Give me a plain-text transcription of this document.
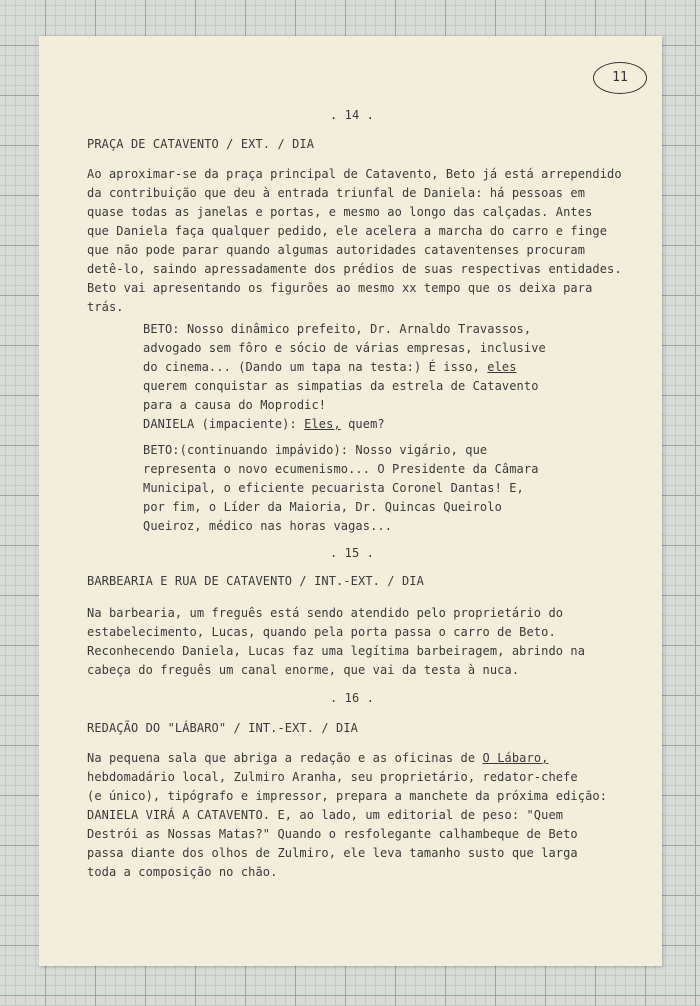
11
. 14 .
PRAÇA DE CATAVENTO / EXT. / DIA
Ao aproximar-se da praça principal de Catavento, Beto já está arrependido
da contribuição que deu à entrada triunfal de Daniela: há pessoas em
quase todas as janelas e portas, e mesmo ao longo das calçadas. Antes
que Daniela faça qualquer pedido, ele acelera a marcha do carro e finge
que não pode parar quando algumas autoridades cataventenses procuram
detê-lo, saindo apressadamente dos prédios de suas respectivas entidades.
Beto vai apresentando os figurões ao mesmo xx tempo que os deixa para
trás.
BETO: Nosso dinâmico prefeito, Dr. Arnaldo Travassos,
advogado sem fôro e sócio de várias empresas, inclusive
do cinema... (Dando um tapa na testa:) É isso, eles
querem conquistar as simpatias da estrela de Catavento
para a causa do Moprodic!
DANIELA (impaciente): Eles, quem?
BETO:(continuando impávido): Nosso vigário, que
representa o novo ecumenismo... O Presidente da Câmara
Municipal, o eficiente pecuarista Coronel Dantas! E,
por fim, o Líder da Maioria, Dr. Quincas Queirolo
Queiroz, médico nas horas vagas...
. 15 .
BARBEARIA E RUA DE CATAVENTO / INT.-EXT. / DIA
Na barbearia, um freguês está sendo atendido pelo proprietário do
estabelecimento, Lucas, quando pela porta passa o carro de Beto.
Reconhecendo Daniela, Lucas faz uma legítima barbeiragem, abrindo na
cabeça do freguês um canal enorme, que vai da testa à nuca.
. 16 .
REDAÇÃO DO "LÁBARO" / INT.-EXT. / DIA
Na pequena sala que abriga a redação e as oficinas de O Lábaro,
hebdomadário local, Zulmiro Aranha, seu proprietário, redator-chefe
(e único), tipógrafo e impressor, prepara a manchete da próxima edição:
DANIELA VIRÁ A CATAVENTO. E, ao lado, um editorial de peso: "Quem
Destrói as Nossas Matas?" Quando o resfolegante calhambeque de Beto
passa diante dos olhos de Zulmiro, ele leva tamanho susto que larga
toda a composição no chão.
